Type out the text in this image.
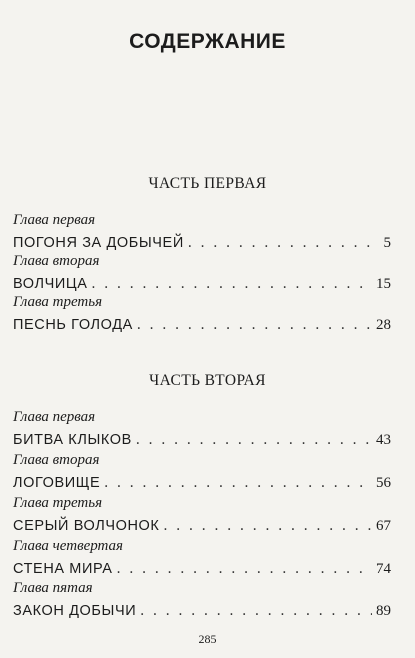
СОДЕРЖАНИЕ
ЧАСТЬ ПЕРВАЯ
Глава первая
ПОГОНЯ ЗА ДОБЫЧЕЙ . . .	5
Глава вторая
ВОЛЧИЦА . . .	15
Глава третья
ПЕСНЬ ГОЛОДА . . .	28
ЧАСТЬ ВТОРАЯ
Глава первая
БИТВА КЛЫКОВ . . .	43
Глава вторая
ЛОГОВИЩЕ . . .	56
Глава третья
СЕРЫЙ ВОЛЧОНОК . . .	67
Глава четвертая
СТЕНА МИРА . . .	74
Глава пятая
ЗАКОН ДОБЫЧИ . . .	89
285
